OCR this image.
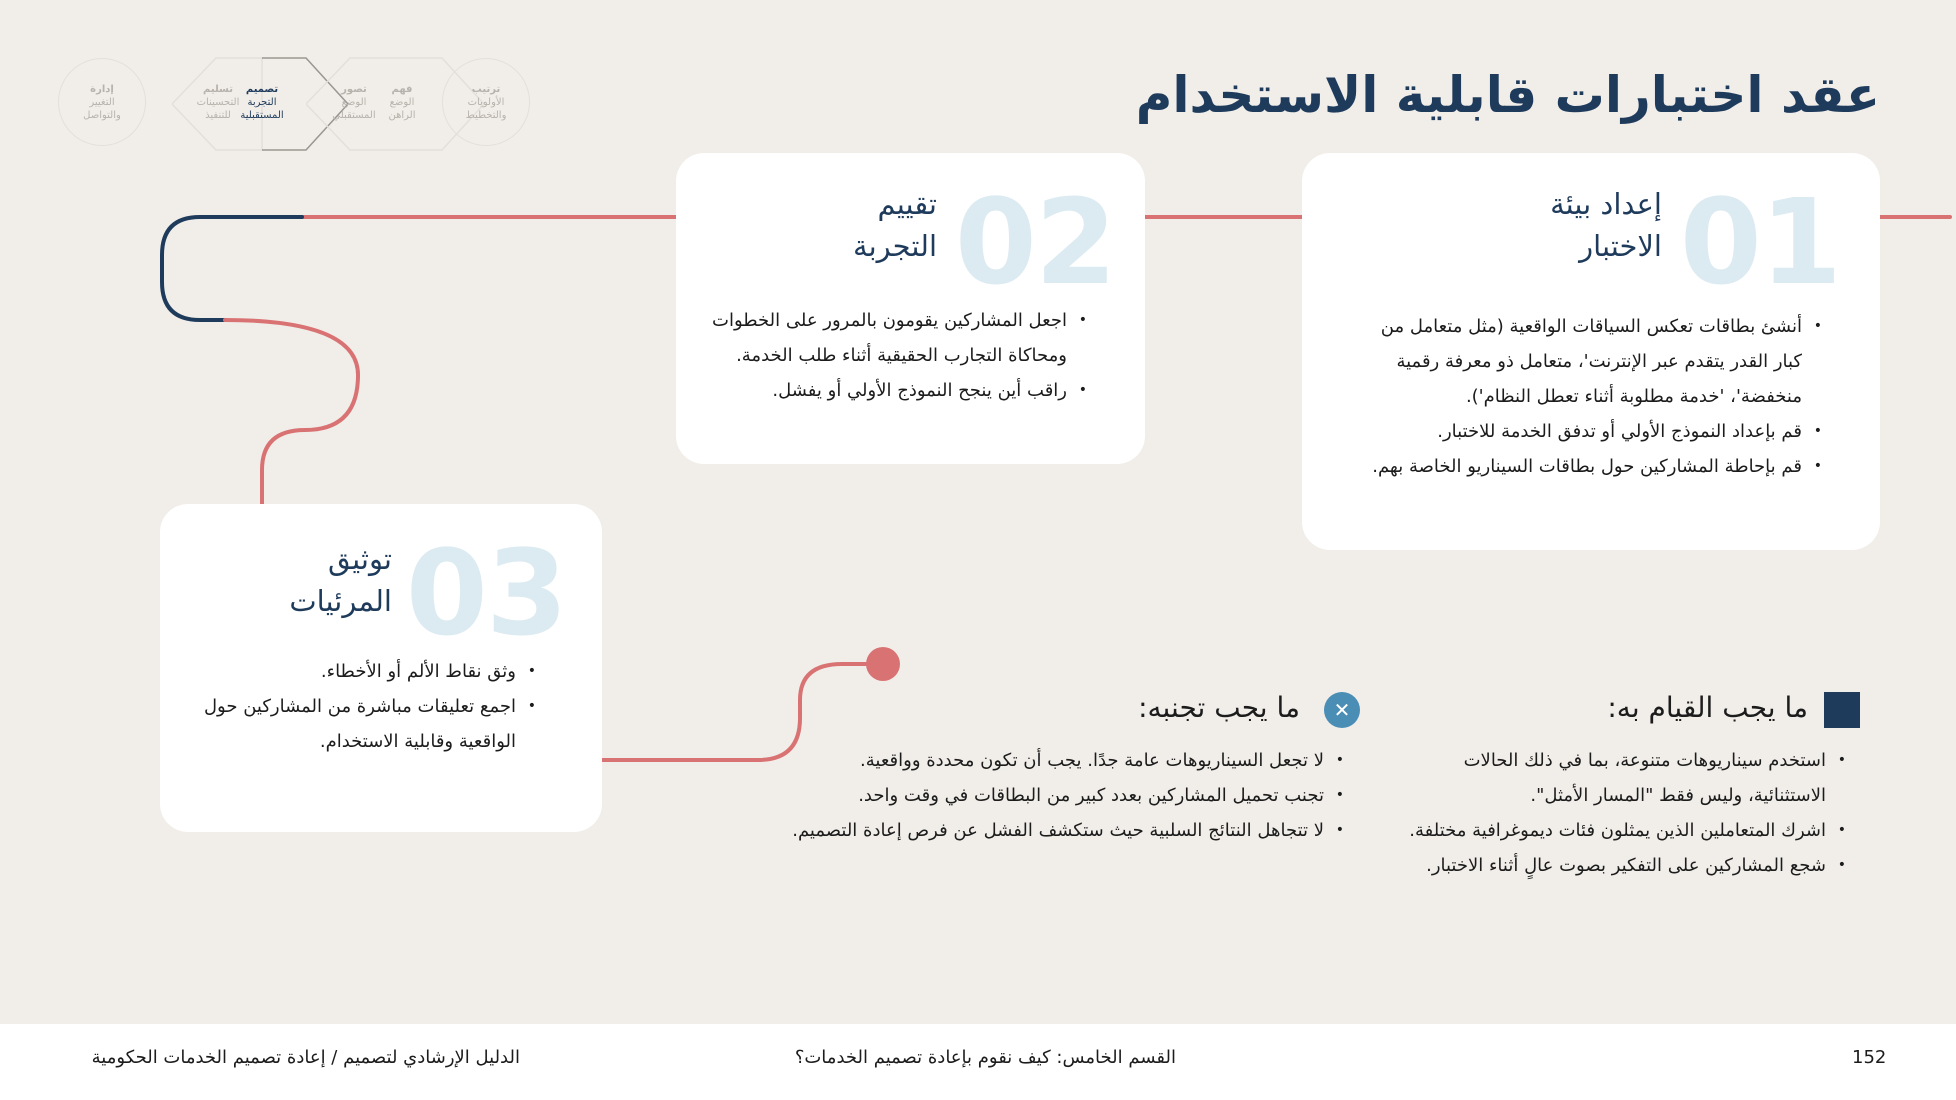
عقد اختبارات قابلية الاستخدام
إدارة
التغيير
والتواصل
تسليم
التحسينات
للتنفيذ
تصميم
التجربة
المستقبلية
تصور
الوضع
المستقبلي
فهم
الوضع
الراهن
ترتيب
الأولويات
والتخطيط
01
إعداد بيئة
الاختبار
• أنشئ بطاقات تعكس السياقات الواقعية (مثل متعامل من كبار القدر يتقدم عبر الإنترنت'، متعامل ذو معرفة رقمية منخفضة'، 'خدمة مطلوبة أثناء تعطل النظام').
• قم بإعداد النموذج الأولي أو تدفق الخدمة للاختبار.
• قم بإحاطة المشاركين حول بطاقات السيناريو الخاصة بهم.
02
تقييم
التجربة
• اجعل المشاركين يقومون بالمرور على الخطوات ومحاكاة التجارب الحقيقية أثناء طلب الخدمة.
• راقب أين ينجح النموذج الأولي أو يفشل.
03
توثيق
المرئيات
• وثق نقاط الألم أو الأخطاء.
• اجمع تعليقات مباشرة من المشاركين حول الواقعية وقابلية الاستخدام.
ما يجب القيام به:
• استخدم سيناريوهات متنوعة، بما في ذلك الحالات الاستثنائية، وليس فقط "المسار الأمثل".
• اشرك المتعاملين الذين يمثلون فئات ديموغرافية مختلفة.
• شجع المشاركين على التفكير بصوت عالٍ أثناء الاختبار.
✕
ما يجب تجنبه:
• لا تجعل السيناريوهات عامة جدًا. يجب أن تكون محددة وواقعية.
• تجنب تحميل المشاركين بعدد كبير من البطاقات في وقت واحد.
• لا تتجاهل النتائج السلبية حيث ستكشف الفشل عن فرص إعادة التصميم.
152
القسم الخامس: كيف نقوم بإعادة تصميم الخدمات؟
الدليل الإرشادي لتصميم / إعادة تصميم الخدمات الحكومية
